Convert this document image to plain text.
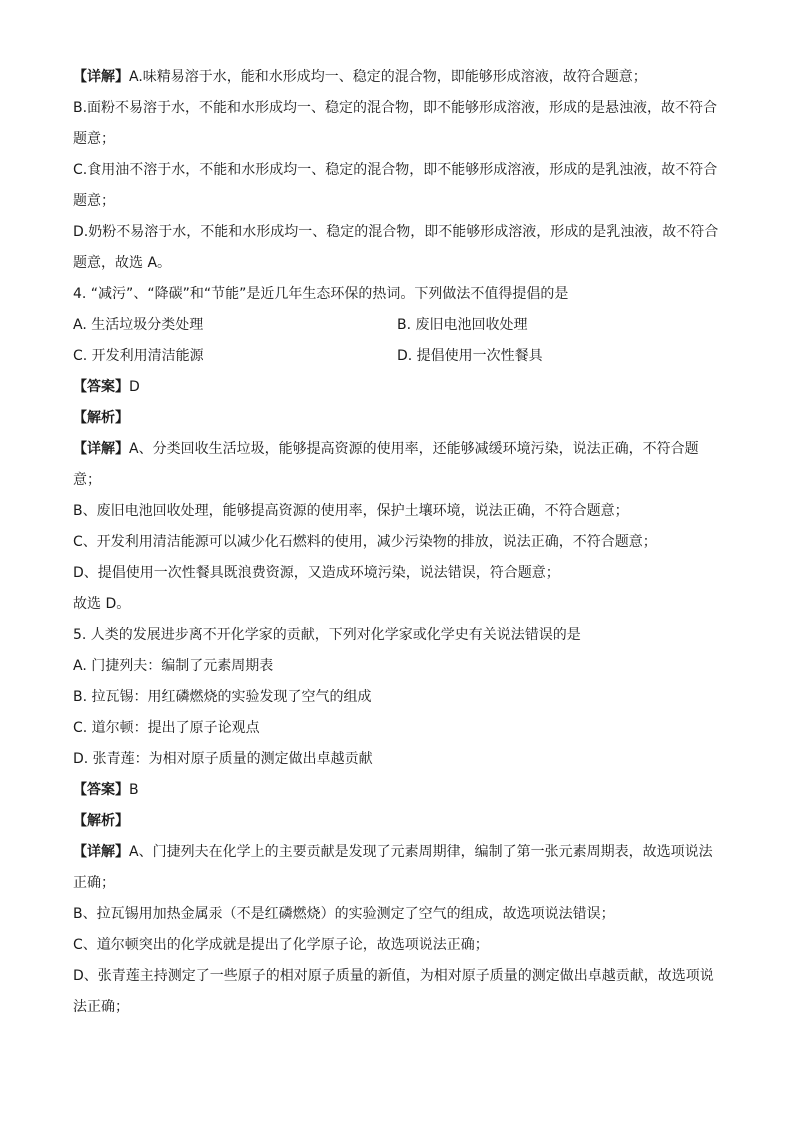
【详解】A.味精易溶于水，能和水形成均一、稳定的混合物，即能够形成溶液，故符合题意；

B.面粉不易溶于水，不能和水形成均一、稳定的混合物，即不能够形成溶液，形成的是悬浊液，故不符合

题意；

C.食用油不溶于水，不能和水形成均一、稳定的混合物，即不能够形成溶液，形成的是乳浊液，故不符合

题意；

D.奶粉不易溶于水，不能和水形成均一、稳定的混合物，即不能够形成溶液，形成的是乳浊液，故不符合

题意，故选 A。

4. “减污”、“降碳”和“节能”是近几年生态环保的热词。下列做法不值得提倡的是

A. 生活垃圾分类处理

C. 开发利用清洁能源

B. 废旧电池回收处理

D. 提倡使用一次性餐具

【答案】D

【解析】

【详解】A、分类回收生活垃圾，能够提高资源的使用率，还能够减缓环境污染，说法正确，不符合题

意；

B、废旧电池回收处理，能够提高资源的使用率，保护土壤环境，说法正确，不符合题意；

C、开发利用清洁能源可以减少化石燃料的使用，减少污染物的排放，说法正确，不符合题意；

D、提倡使用一次性餐具既浪费资源，又造成环境污染，说法错误，符合题意；

故选 D。

5. 人类的发展进步离不开化学家的贡献，下列对化学家或化学史有关说法错误的是

A. 门捷列夫：编制了元素周期表

B. 拉瓦锡：用红磷燃烧的实验发现了空气的组成

C. 道尔顿：提出了原子论观点

D. 张青莲：为相对原子质量的测定做出卓越贡献

【答案】B

【解析】

【详解】A、门捷列夫在化学上的主要贡献是发现了元素周期律，编制了第一张元素周期表，故选项说法

正确；

B、拉瓦锡用加热金属汞（不是红磷燃烧）的实验测定了空气的组成，故选项说法错误；

C、道尔顿突出的化学成就是提出了化学原子论，故选项说法正确；

D、张青莲主持测定了一些原子的相对原子质量的新值，为相对原子质量的测定做出卓越贡献，故选项说

法正确；
